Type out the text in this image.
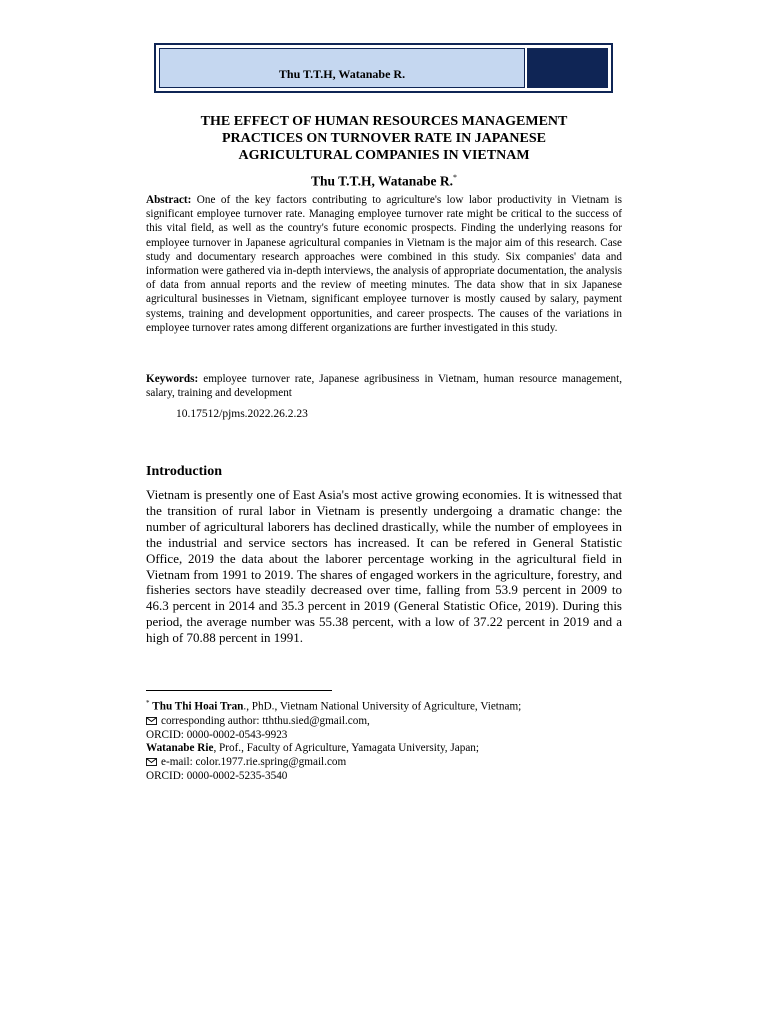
Thu T.T.H, Watanabe R.
THE EFFECT OF HUMAN RESOURCES MANAGEMENT
PRACTICES ON TURNOVER RATE IN JAPANESE
AGRICULTURAL COMPANIES IN VIETNAM
Thu T.T.H, Watanabe R.*

Abstract: One of the key factors contributing to agriculture's low labor productivity in Vietnam is significant employee turnover rate. Managing employee turnover rate might be critical to the success of this vital field, as well as the country's future economic prospects. Finding the underlying reasons for employee turnover in Japanese agricultural companies in Vietnam is the major aim of this research. Case study and documentary research approaches were combined in this study. Six companies' data and information were gathered via in-depth interviews, the analysis of appropriate documentation, the analysis of data from annual reports and the review of meeting minutes. The data show that in six Japanese agricultural businesses in Vietnam, significant employee turnover is mostly caused by salary, payment systems, training and development opportunities, and career prospects. The causes of the variations in employee turnover rates among different organizations are further investigated in this study.

Keywords: employee turnover rate, Japanese agribusiness in Vietnam, human resource management, salary, training and development

10.17512/pjms.2022.26.2.23
Introduction

Vietnam is presently one of East Asia's most active growing economies. It is witnessed that the transition of rural labor in Vietnam is presently undergoing a dramatic change: the number of agricultural laborers has declined drastically, while the number of employees in the industrial and service sectors has increased. It can be refered in General Statistic Office, 2019 the data about the laborer percentage working in the agricultural field in Vietnam from 1991 to 2019. The shares of engaged workers in the agriculture, forestry, and fisheries sectors have steadily decreased over time, falling from 53.9 percent in 2009 to 46.3 percent in 2014 and 35.3 percent in 2019 (General Statistic Ofice, 2019). During this period, the average number was 55.38 percent, with a low of 37.22 percent in 2019 and a high of 70.88 percent in 1991.

* Thu Thi Hoai Tran., PhD., Vietnam National University of Agriculture, Vietnam;
corresponding author: tththu.sied@gmail.com,
ORCID: 0000-0002-0543-9923
Watanabe Rie, Prof., Faculty of Agriculture, Yamagata University, Japan;
e-mail: color.1977.rie.spring@gmail.com
ORCID: 0000-0002-5235-3540
